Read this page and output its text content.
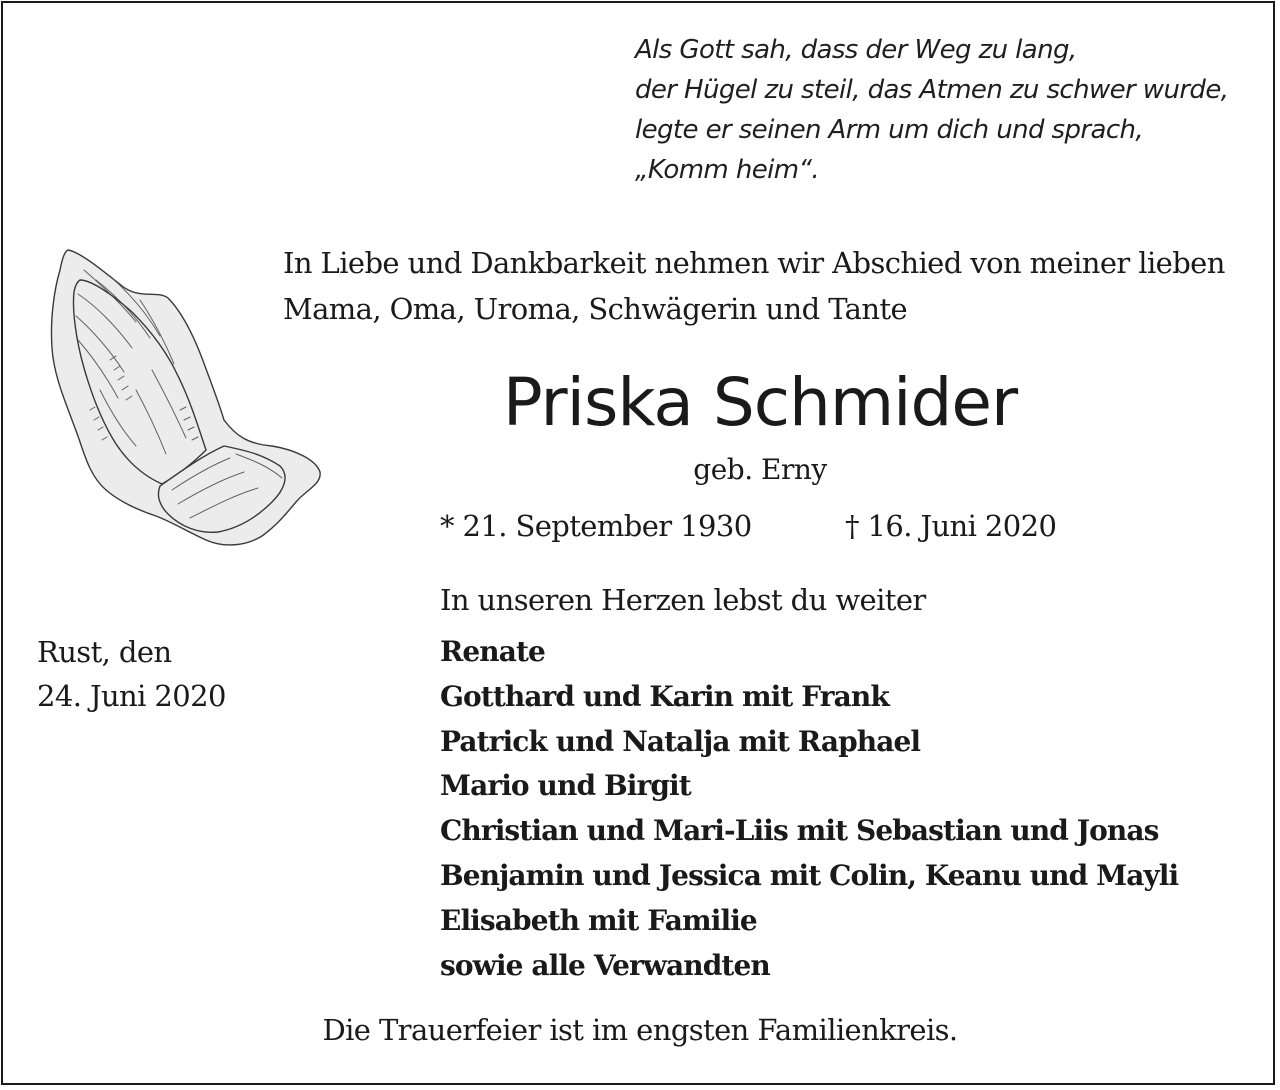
Als Gott sah, dass der Weg zu lang,
der Hügel zu steil, das Atmen zu schwer wurde,
legte er seinen Arm um dich und sprach,
„Komm heim“.
In Liebe und Dankbarkeit nehmen wir Abschied von meiner lieben
Mama, Oma, Uroma, Schwägerin und Tante
Priska Schmider
geb. Erny
* 21. September 1930	† 16. Juni 2020
In unseren Herzen lebst du weiter
Rust, den
24. Juni 2020
Renate
Gotthard und Karin mit Frank
Patrick und Natalja mit Raphael
Mario und Birgit
Christian und Mari-Liis mit Sebastian und Jonas
Benjamin und Jessica mit Colin, Keanu und Mayli
Elisabeth mit Familie
sowie alle Verwandten
Die Trauerfeier ist im engsten Familienkreis.
